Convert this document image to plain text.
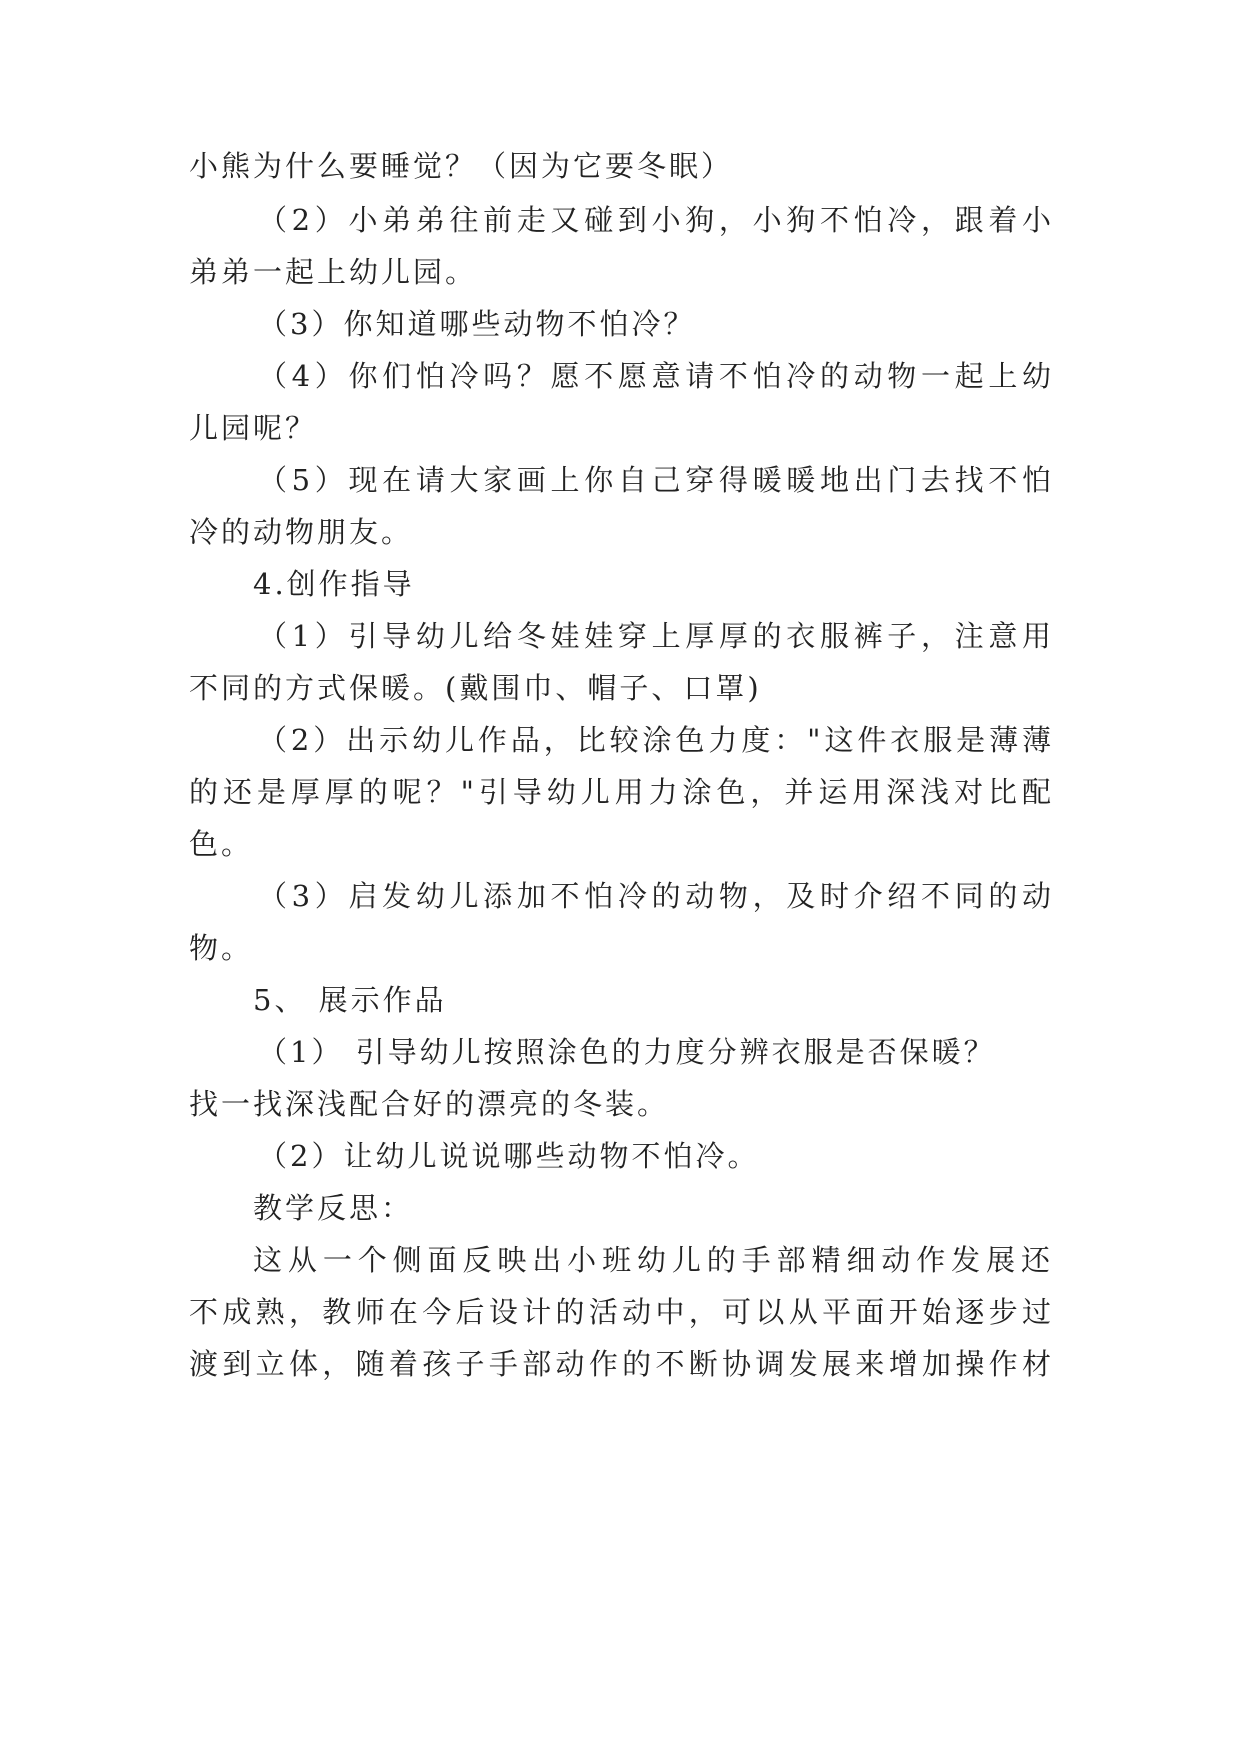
小熊为什么要睡觉？（因为它要冬眠）
（2）小弟弟往前走又碰到小狗，小狗不怕冷，跟着小
弟弟一起上幼儿园。
（3）你知道哪些动物不怕冷？
（4）你们怕冷吗？愿不愿意请不怕冷的动物一起上幼
儿园呢？
（5）现在请大家画上你自己穿得暖暖地出门去找不怕
冷的动物朋友。
4.创作指导
（1）引导幼儿给冬娃娃穿上厚厚的衣服裤子，注意用
不同的方式保暖。(戴围巾、帽子、口罩)
（2）出示幼儿作品，比较涂色力度："这件衣服是薄薄
的还是厚厚的呢？"引导幼儿用力涂色，并运用深浅对比配
色。
（3）启发幼儿添加不怕冷的动物，及时介绍不同的动
物。
5、 展示作品
（1） 引导幼儿按照涂色的力度分辨衣服是否保暖？
找一找深浅配合好的漂亮的冬装。
（2）让幼儿说说哪些动物不怕冷。
教学反思：
这从一个侧面反映出小班幼儿的手部精细动作发展还
不成熟，教师在今后设计的活动中，可以从平面开始逐步过
渡到立体，随着孩子手部动作的不断协调发展来增加操作材
